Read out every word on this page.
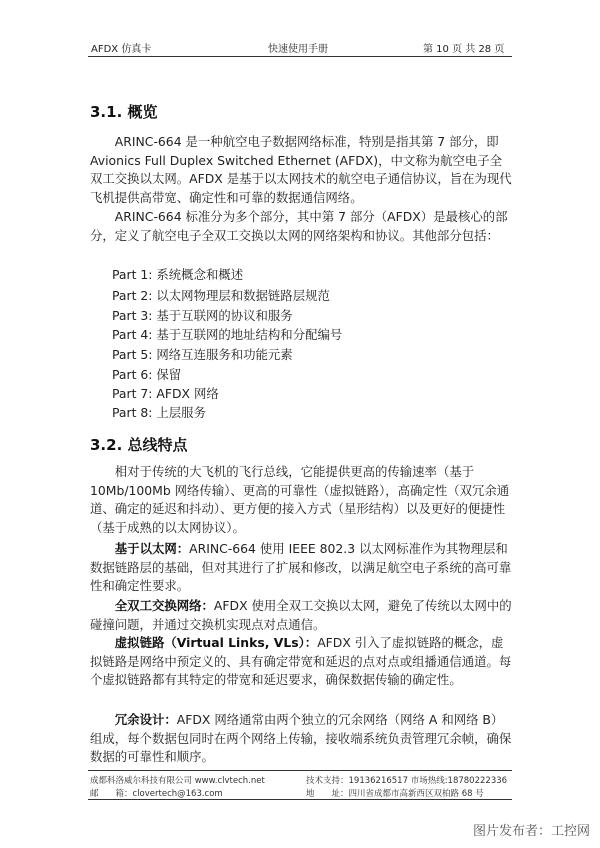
AFDX 仿真卡	快速使用手册	第 10 页 共 28 页
3.1. 概览
ARINC-664 是一种航空电子数据网络标准，特别是指其第 7 部分，即 Avionics Full Duplex Switched Ethernet (AFDX)，中文称为航空电子全双工交换以太网。AFDX 是基于以太网技术的航空电子通信协议，旨在为现代飞机提供高带宽、确定性和可靠的数据通信网络。
ARINC-664 标准分为多个部分，其中第 7 部分（AFDX）是最核心的部分，定义了航空电子全双工交换以太网的网络架构和协议。其他部分包括：
Part 1: 系统概念和概述
Part 2: 以太网物理层和数据链路层规范
Part 3: 基于互联网的协议和服务
Part 4: 基于互联网的地址结构和分配编号
Part 5: 网络互连服务和功能元素
Part 6: 保留
Part 7: AFDX 网络
Part 8: 上层服务
3.2. 总线特点
相对于传统的大飞机的飞行总线，它能提供更高的传输速率（基于 10Mb/100Mb 网络传输）、更高的可靠性（虚拟链路），高确定性（双冗余通道、确定的延迟和抖动）、更方便的接入方式（星形结构）以及更好的便捷性（基于成熟的以太网协议）。
基于以太网：ARINC-664 使用 IEEE 802.3 以太网标准作为其物理层和数据链路层的基础，但对其进行了扩展和修改，以满足航空电子系统的高可靠性和确定性要求。
全双工交换网络：AFDX 使用全双工交换以太网，避免了传统以太网中的碰撞问题，并通过交换机实现点对点通信。
虚拟链路（Virtual Links, VLs）：AFDX 引入了虚拟链路的概念，虚拟链路是网络中预定义的、具有确定带宽和延迟的点对点或组播通信通道。每个虚拟链路都有其特定的带宽和延迟要求，确保数据传输的确定性。
冗余设计：AFDX 网络通常由两个独立的冗余网络（网络 A 和网络 B）组成，每个数据包同时在两个网络上传输，接收端系统负责管理冗余帧，确保数据的可靠性和顺序。
成都科洛威尔科技有限公司 www.clvtech.net	技术支持：19136216517 市场热线:18780222336
邮　　箱：clovertech@163.com	地　　址：四川省成都市高新西区双柏路 68 号
图片发布者：工控网
